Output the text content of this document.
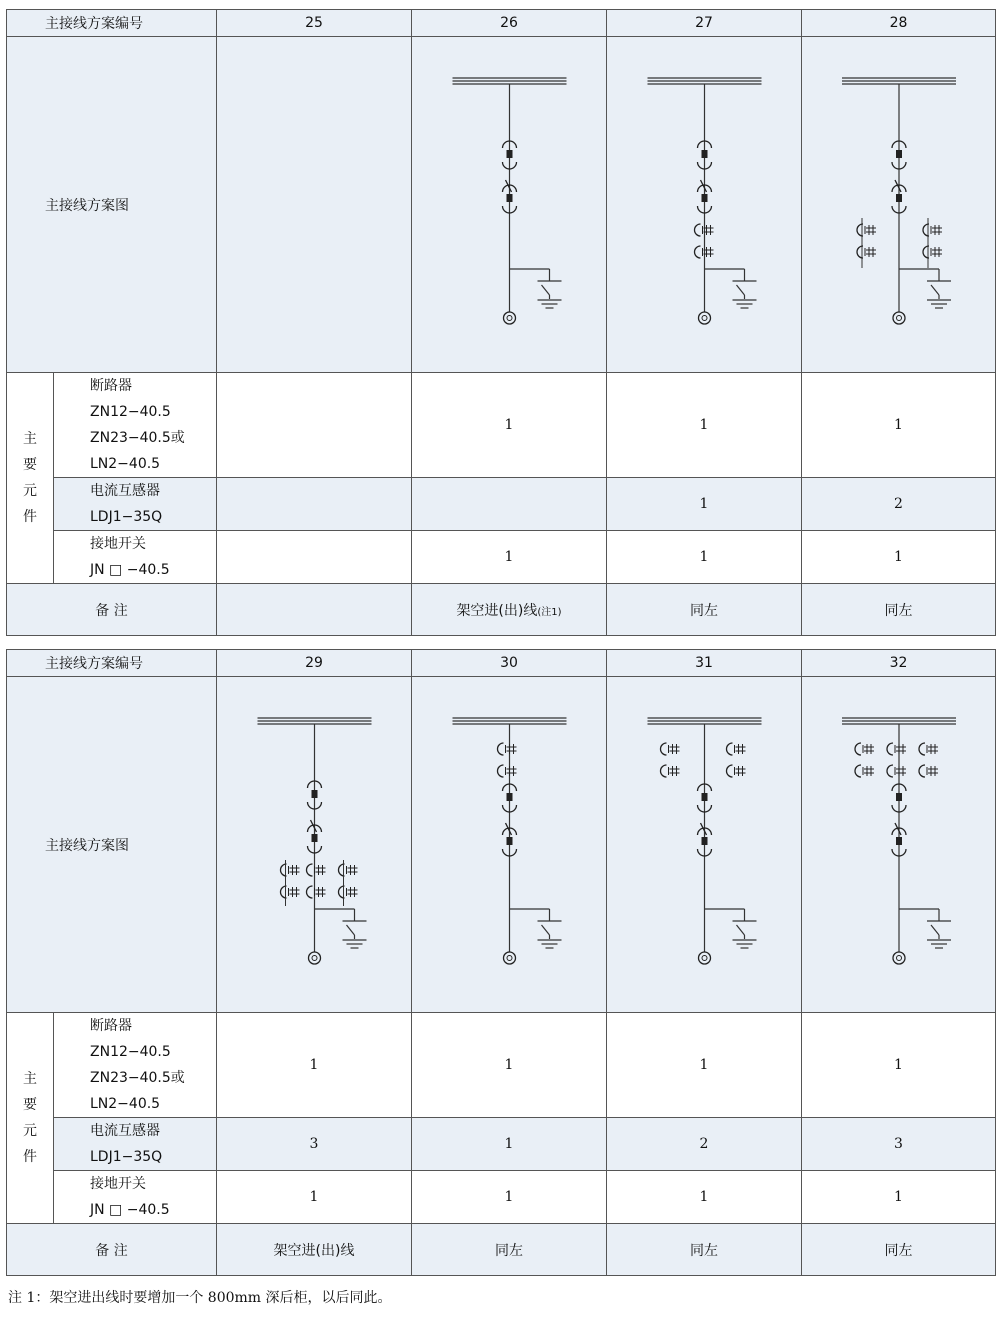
主接线方案编号		25	26	27	28
主接线方案图		

主
要
元
件	断路器
ZN12−40.5
ZN23−40.5或
LN2−40.5		1	1	1

	电流互感器
LDJ1−35Q			1	2

	接地开关
JN □ −40.5		1	1	1
备 注			架空进(出)线(注1)	同左	同左
主接线方案编号		29	30	31	32
主接线方案图	

主
要
元
件	断路器
ZN12−40.5
ZN23−40.5或
LN2−40.5	1	1	1	1

	电流互感器
LDJ1−35Q	3	1	2	3

	接地开关
JN □ −40.5	1	1	1	1
备 注		架空进(出)线	同左	同左	同左
注 1：架空进出线时要增加一个 800mm 深后柜，以后同此。
